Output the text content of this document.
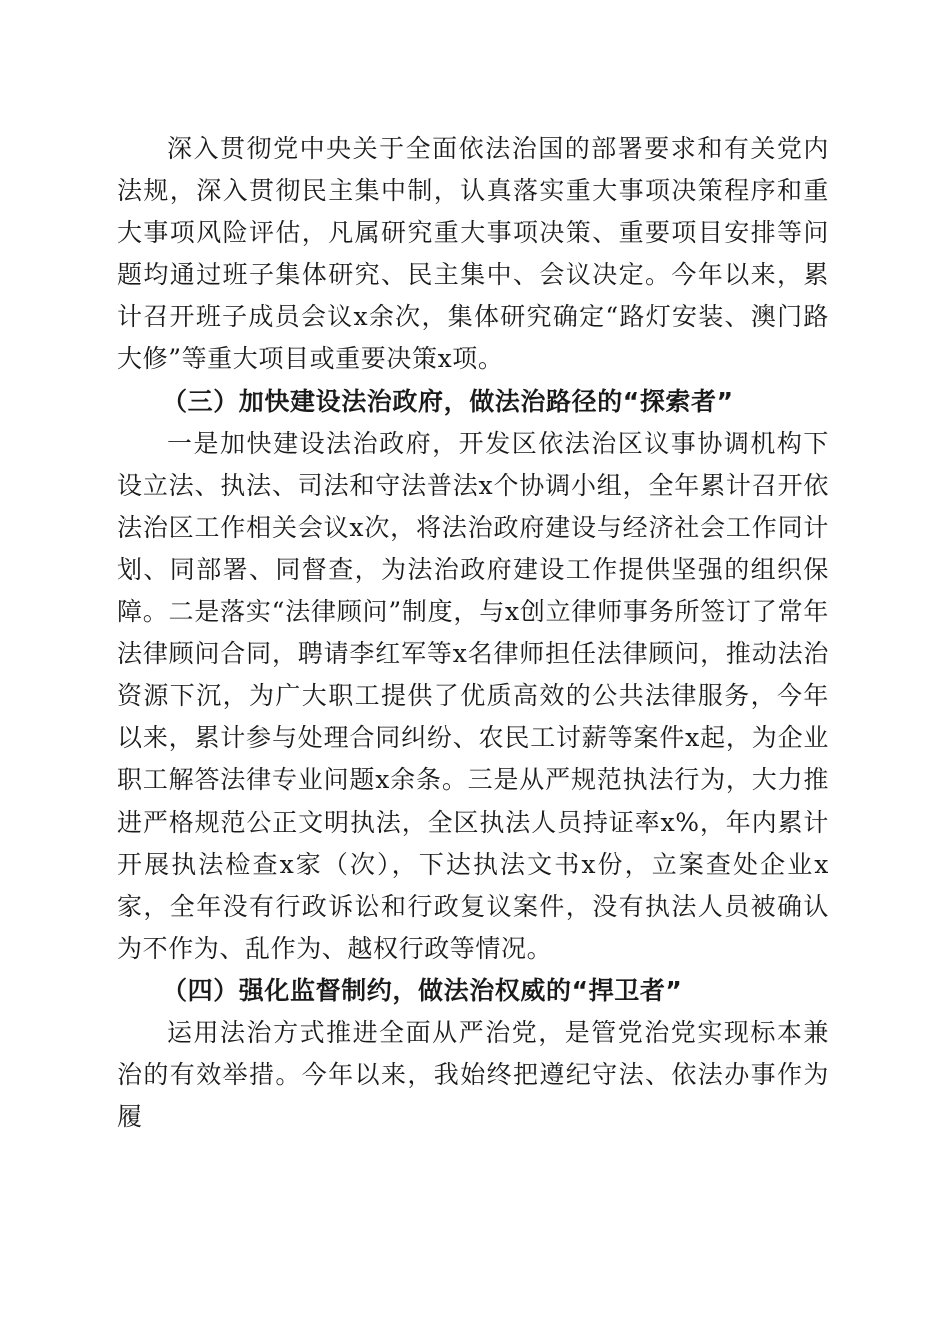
深入贯彻党中央关于全面依法治国的部署要求和有关党内法规，深入贯彻民主集中制，认真落实重大事项决策程序和重大事项风险评估，凡属研究重大事项决策、重要项目安排等问题均通过班子集体研究、民主集中、会议决定。今年以来，累计召开班子成员会议x余次，集体研究确定“路灯安装、澳门路大修”等重大项目或重要决策x项。

（三）加快建设法治政府，做法治路径的“探索者”

一是加快建设法治政府，开发区依法治区议事协调机构下设立法、执法、司法和守法普法x个协调小组，全年累计召开依法治区工作相关会议x次，将法治政府建设与经济社会工作同计划、同部署、同督查，为法治政府建设工作提供坚强的组织保障。二是落实“法律顾问”制度，与x创立律师事务所签订了常年法律顾问合同，聘请李红军等x名律师担任法律顾问，推动法治资源下沉，为广大职工提供了优质高效的公共法律服务，今年以来，累计参与处理合同纠纷、农民工讨薪等案件x起，为企业职工解答法律专业问题x余条。三是从严规范执法行为，大力推进严格规范公正文明执法，全区执法人员持证率x%，年内累计开展执法检查x家（次），下达执法文书x份，立案查处企业x家，全年没有行政诉讼和行政复议案件，没有执法人员被确认为不作为、乱作为、越权行政等情况。

（四）强化监督制约，做法治权威的“捍卫者”

运用法治方式推进全面从严治党，是管党治党实现标本兼治的有效举措。今年以来，我始终把遵纪守法、依法办事作为履
